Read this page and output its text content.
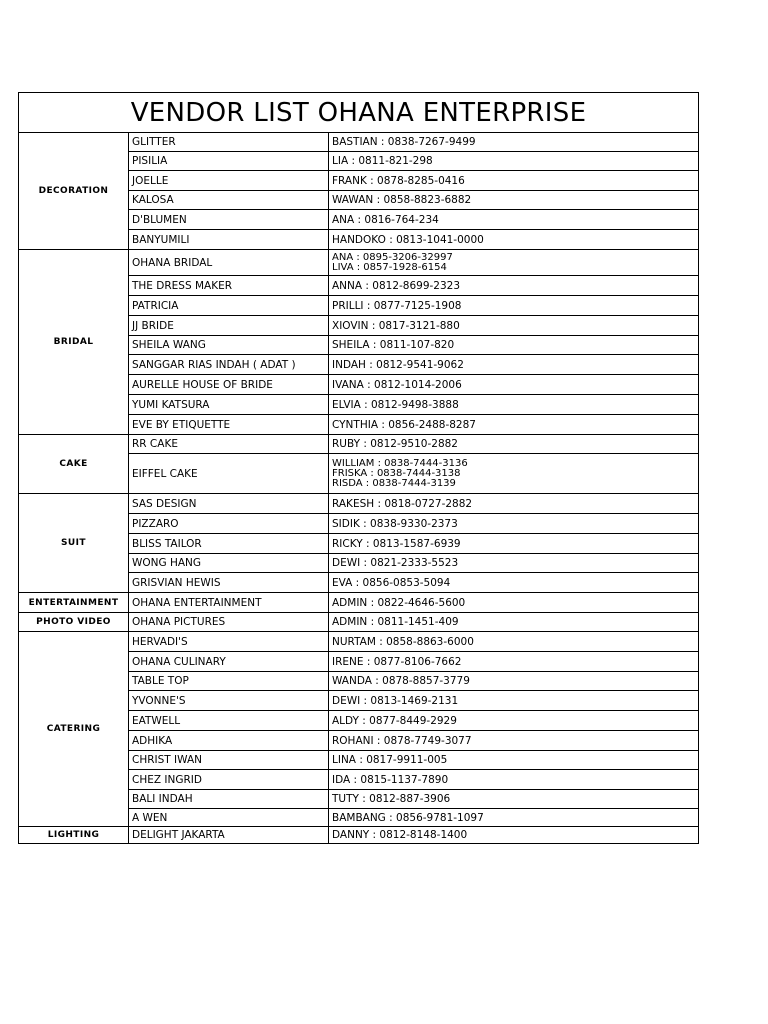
VENDOR LIST OHANA ENTERPRISE		
DECORATION	GLITTER	BASTIAN : 0838-7267-9499
	PISILIA	LIA : 0811-821-298
	JOELLE	FRANK : 0878-8285-0416
	KALOSA	WAWAN : 0858-8823-6882
	D'BLUMEN	ANA : 0816-764-234
	BANYUMILI	HANDOKO : 0813-1041-0000
BRIDAL	OHANA BRIDAL	ANA : 0895-3206-32997
LIVA : 0857-1928-6154

	THE DRESS MAKER	ANNA : 0812-8699-2323
	PATRICIA	PRILLI : 0877-7125-1908
	JJ BRIDE	XIOVIN : 0817-3121-880
	SHEILA WANG	SHEILA : 0811-107-820
	SANGGAR RIAS INDAH ( ADAT )	INDAH : 0812-9541-9062
	AURELLE HOUSE OF BRIDE	IVANA : 0812-1014-2006
	YUMI KATSURA	ELVIA : 0812-9498-3888
	EVE BY ETIQUETTE	CYNTHIA : 0856-2488-8287
CAKE	RR CAKE	RUBY : 0812-9510-2882
	EIFFEL CAKE	WILLIAM : 0838-7444-3136
FRISKA : 0838-7444-3138
RISDA : 0838-7444-3139

SUIT	SAS DESIGN	RAKESH : 0818-0727-2882
	PIZZARO	SIDIK : 0838-9330-2373
	BLISS TAILOR	RICKY : 0813-1587-6939
	WONG HANG	DEWI : 0821-2333-5523
	GRISVIAN HEWIS	EVA : 0856-0853-5094
ENTERTAINMENT	OHANA ENTERTAINMENT	ADMIN : 0822-4646-5600
PHOTO VIDEO	OHANA PICTURES	ADMIN : 0811-1451-409
CATERING	HERVADI'S	NURTAM : 0858-8863-6000
	OHANA CULINARY	IRENE : 0877-8106-7662
	TABLE TOP	WANDA : 0878-8857-3779
	YVONNE'S	DEWI : 0813-1469-2131
	EATWELL	ALDY : 0877-8449-2929
	ADHIKA	ROHANI : 0878-7749-3077
	CHRIST IWAN	LINA : 0817-9911-005
	CHEZ INGRID	IDA : 0815-1137-7890
	BALI INDAH	TUTY : 0812-887-3906
	A WEN	BAMBANG : 0856-9781-1097
LIGHTING	DELIGHT JAKARTA	DANNY : 0812-8148-1400
